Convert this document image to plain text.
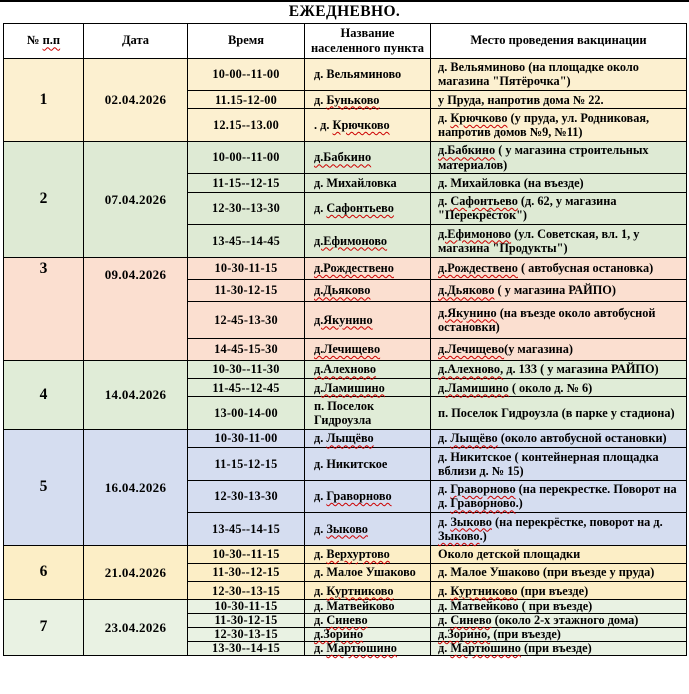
ЕЖЕДНЕВНО.
№ п.п	Дата	Время	Название населенного пункта	Место проведения вакцинации
1	02.04.2026	10-00--11-00	д. Вельяминово	д. Вельяминово (на площадке около магазина "Пятёрочка")
		11.15-12-00	д. Буньково	у Пруда, напротив дома № 22.
		12.15--13.00	. д. Крючково	д. Крючково (у пруда, ул. Родниковая, напротив домов №9, №11)
2	07.04.2026	10-00--11-00	д.Бабкино	д.Бабкино ( у магазина строительных материалов)
		11-15--12-15	д. Михайловка	д. Михайловка (на въезде)
		12-30--13-30	д. Сафонтьево	д. Сафонтьево (д. 62, у магазина "Перекрёсток")
		13-45--14-45	д.Ефимоново	д.Ефимоново (ул. Советская, вл. 1, у магазина "Продукты")
3	09.04.2026	10-30-11-15	д.Рождествено	д.Рождествено ( автобусная остановка)
		11-30-12-15	д.Дьяково	д.Дьяково ( у магазина РАЙПО)
		12-45-13-30	д.Якунино	д.Якунино (на въезде около автобусной остановки)
		14-45-15-30	д.Лечищево	д.Лечищево(у магазина)
4	14.04.2026	10-30--11-30	д.Алехново	д.Алехново, д. 133 ( у магазина РАЙПО)
		11-45--12-45	д.Ламишино	д.Ламишино ( около д. № 6)
		13-00-14-00	п. Поселок Гидроузла	п. Поселок Гидроузла (в парке у стадиона)
5	16.04.2026	10-30-11-00	д. Лыщёво	д. Лыщёво (около автобусной остановки)
		11-15-12-15	д. Никитское	д. Никитское ( контейнерная площадка вблизи д. № 15)
		12-30-13-30	д. Граворново	д. Граворново (на перекрестке. Поворот на д. Граворново.)
		13-45--14-15	д. Зыково	д. Зыково (на перекрёстке, поворот на д. Зыково.)
6	21.04.2026	10-30--11-15	д. Верхуртово	Около детской площадки
		11-30--12-15	д. Малое Ушаково	д. Малое Ушаково (при въезде у пруда)
		12-30--13-15	д. Куртниково	д. Куртниково (при въезде)
7	23.04.2026	10-30-11-15	д. Матвейково	д. Матвейково ( при въезде)
		11-30-12-15	д. Синево	д. Синево (около 2-х этажного дома)
		12-30-13-15	д.Зорино	д.Зорино, (при въезде)
		13-30--14-15	д. Мартюшино	д. Мартюшино (при въезде)
